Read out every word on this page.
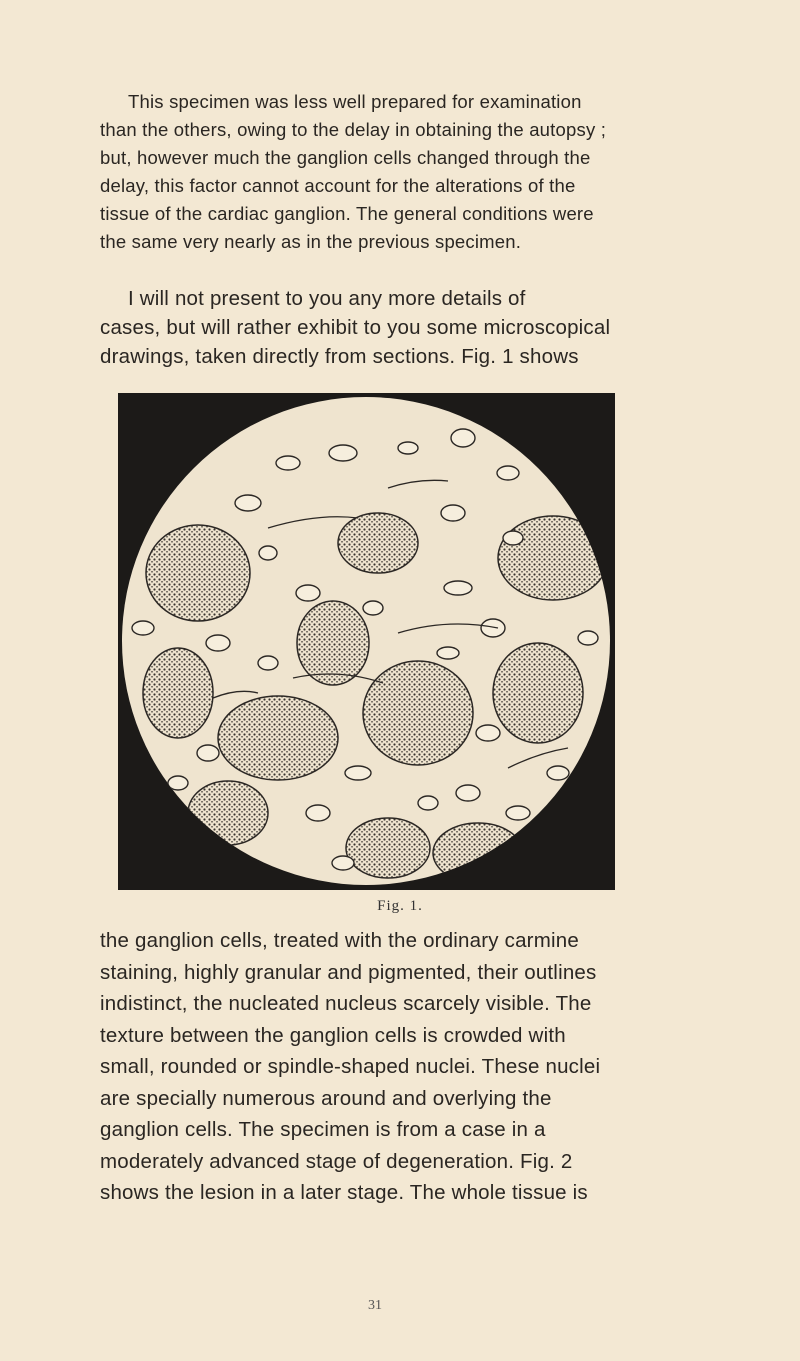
This specimen was less well prepared for examination
than the others, owing to the delay in obtaining the autopsy ;
but, however much the ganglion cells changed through the
delay, this factor cannot account for the alterations of the
tissue of the cardiac ganglion. The general conditions were
the same very nearly as in the previous specimen.

I will not present to you any more details of
cases, but will rather exhibit to you some microscopical
drawings, taken directly from sections. Fig. 1 shows

Fig. 1.

the ganglion cells, treated with the ordinary carmine
staining, highly granular and pigmented, their outlines
indistinct, the nucleated nucleus scarcely visible. The
texture between the ganglion cells is crowded with
small, rounded or spindle-shaped nuclei. These nuclei
are specially numerous around and overlying the
ganglion cells. The specimen is from a case in a
moderately advanced stage of degeneration. Fig. 2
shows the lesion in a later stage. The whole tissue is

31
